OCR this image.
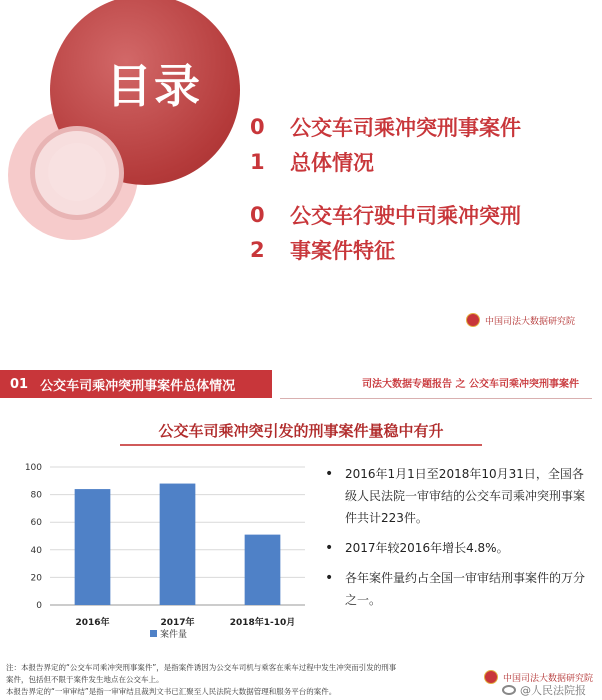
目录
0	公交车司乘冲突刑事案件
1	总体情况
0	公交车行驶中司乘冲突刑
2	事案件特征
中国司法大数据研究院
01 公交车司乘冲突刑事案件总体情况	司法大数据专题报告 之 公交车司乘冲突刑事案件
公交车司乘冲突引发的刑事案件量稳中有升
0
20
40
60
80
100
2016年	2017年	2018年1-10月
案件量
• 2016年1月1日至2018年10月31日，全国各级人民法院一审审结的公交车司乘冲突刑事案件共计223件。
• 2017年较2016年增长4.8%。
• 各年案件量约占全国一审审结刑事案件的万分之一。
注：本报告界定的“公交车司乘冲突刑事案件”，是指案件诱因为公交车司机与乘客在乘车过程中发生冲突而引发的刑事
案件，包括但不限于案件发生地点在公交车上。
本报告界定的“一审审结”是指一审审结且裁判文书已汇聚至人民法院大数据管理和服务平台的案件。
中国司法大数据研究院
@人民法院报
